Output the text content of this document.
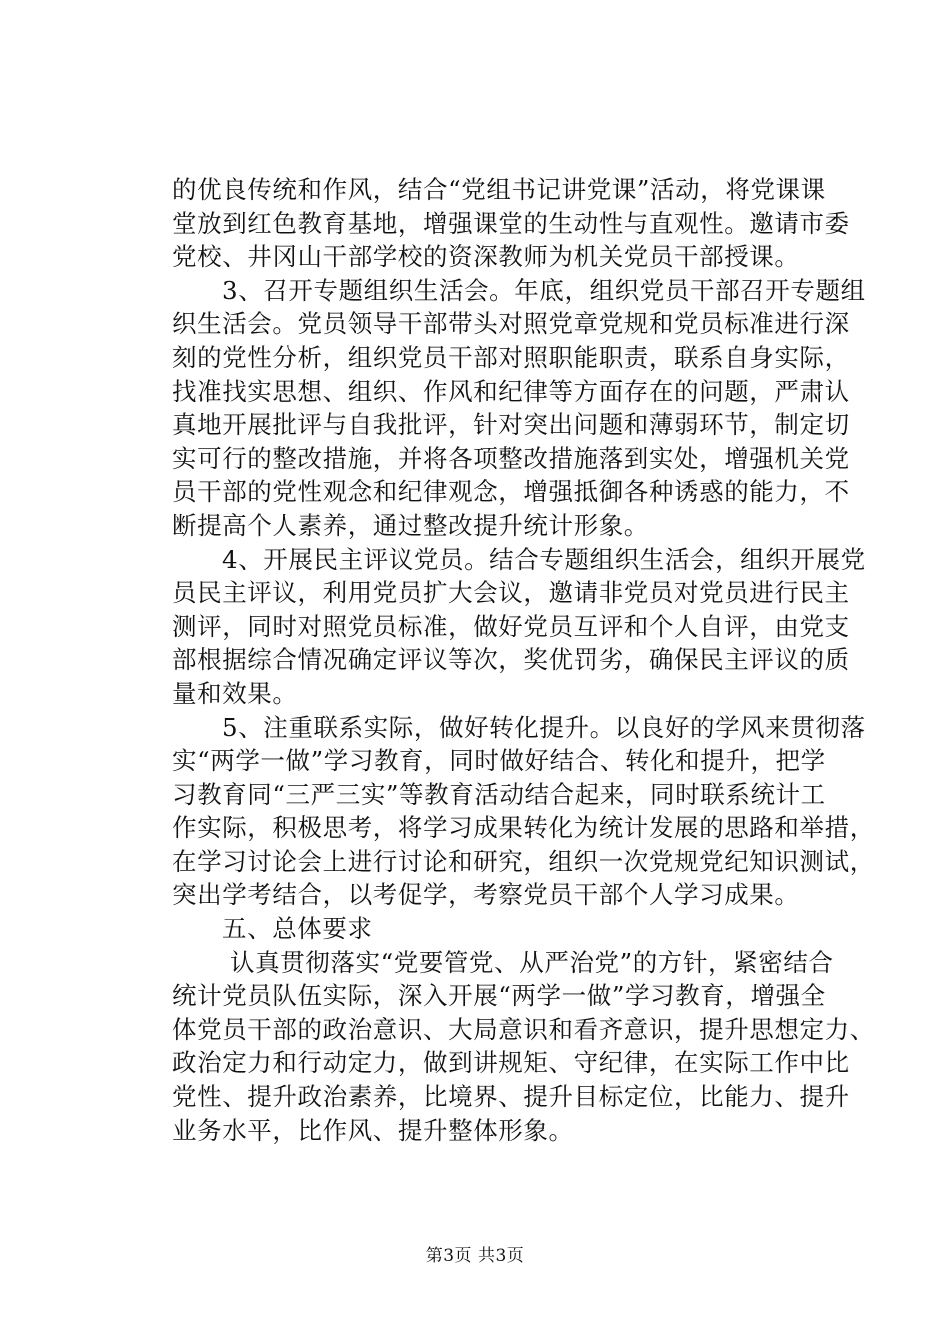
的优良传统和作风，结合“党组书记讲党课”活动，将党课课
堂放到红色教育基地，增强课堂的生动性与直观性。邀请市委
党校、井冈山干部学校的资深教师为机关党员干部授课。
3、召开专题组织生活会。年底，组织党员干部召开专题组
织生活会。党员领导干部带头对照党章党规和党员标准进行深
刻的党性分析，组织党员干部对照职能职责，联系自身实际，
找准找实思想、组织、作风和纪律等方面存在的问题，严肃认
真地开展批评与自我批评，针对突出问题和薄弱环节，制定切
实可行的整改措施，并将各项整改措施落到实处，增强机关党
员干部的党性观念和纪律观念，增强抵御各种诱惑的能力，不
断提高个人素养，通过整改提升统计形象。
4、开展民主评议党员。结合专题组织生活会，组织开展党
员民主评议，利用党员扩大会议，邀请非党员对党员进行民主
测评，同时对照党员标准，做好党员互评和个人自评，由党支
部根据综合情况确定评议等次，奖优罚劣，确保民主评议的质
量和效果。
5、注重联系实际，做好转化提升。以良好的学风来贯彻落
实“两学一做”学习教育，同时做好结合、转化和提升，把学
习教育同“三严三实”等教育活动结合起来，同时联系统计工
作实际，积极思考，将学习成果转化为统计发展的思路和举措，
在学习讨论会上进行讨论和研究，组织一次党规党纪知识测试，
突出学考结合，以考促学，考察党员干部个人学习成果。
五、总体要求
认真贯彻落实“党要管党、从严治党”的方针，紧密结合
统计党员队伍实际，深入开展“两学一做”学习教育，增强全
体党员干部的政治意识、大局意识和看齐意识，提升思想定力、
政治定力和行动定力，做到讲规矩、守纪律，在实际工作中比
党性、提升政治素养，比境界、提升目标定位，比能力、提升
业务水平，比作风、提升整体形象。
第3页 共3页
